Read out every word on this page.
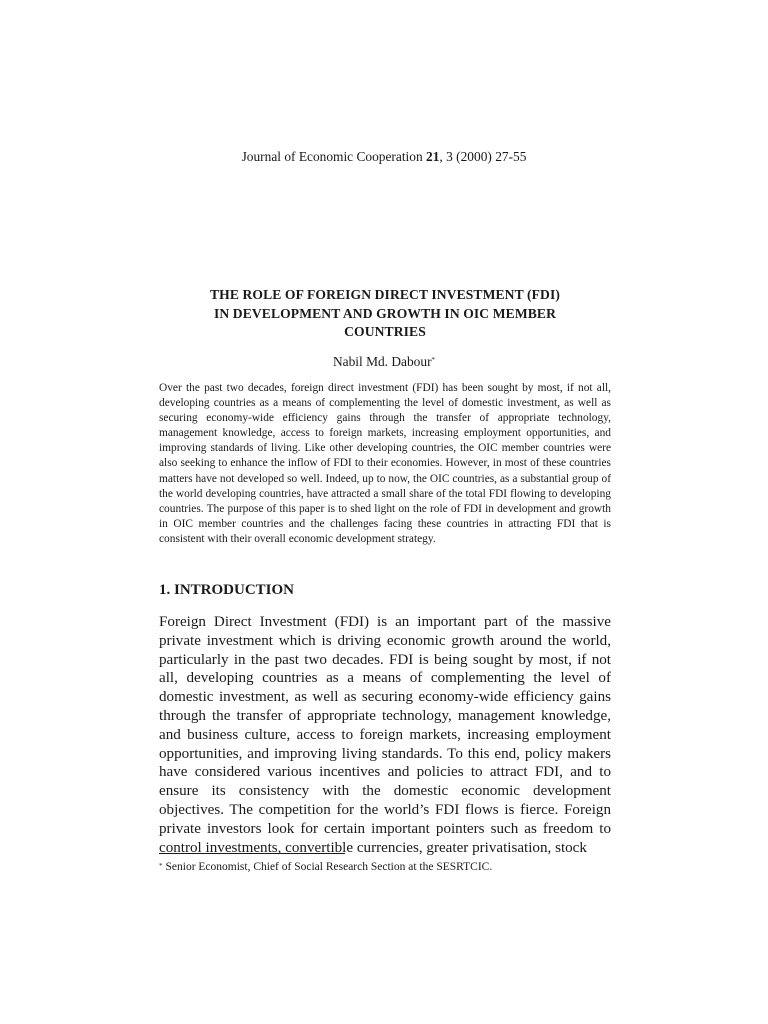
Journal of Economic Cooperation 21, 3 (2000) 27-55
THE ROLE OF FOREIGN DIRECT INVESTMENT (FDI)
IN DEVELOPMENT AND GROWTH IN OIC MEMBER
COUNTRIES
Nabil Md. Dabour*
Over the past two decades, foreign direct investment (FDI) has been sought by most, if not all, developing countries as a means of complementing the level of domestic investment, as well as securing economy-wide efficiency gains through the transfer of appropriate technology, management knowledge, access to foreign markets, increasing employment opportunities, and improving standards of living. Like other developing countries, the OIC member countries were also seeking to enhance the inflow of FDI to their economies. However, in most of these countries matters have not developed so well. Indeed, up to now, the OIC countries, as a substantial group of the world developing countries, have attracted a small share of the total FDI flowing to developing countries. The purpose of this paper is to shed light on the role of FDI in development and growth in OIC member countries and the challenges facing these countries in attracting FDI that is consistent with their overall economic development strategy.
1. INTRODUCTION
Foreign Direct Investment (FDI) is an important part of the massive private investment which is driving economic growth around the world, particularly in the past two decades. FDI is being sought by most, if not all, developing countries as a means of complementing the level of domestic investment, as well as securing economy-wide efficiency gains through the transfer of appropriate technology, management knowledge, and business culture, access to foreign markets, increasing employment opportunities, and improving living standards. To this end, policy makers have considered various incentives and policies to attract FDI, and to ensure its consistency with the domestic economic development objectives. The competition for the world’s FDI flows is fierce. Foreign private investors look for certain important pointers such as freedom to control investments, convertible currencies, greater privatisation, stock
* Senior Economist, Chief of Social Research Section at the SESRTCIC.
